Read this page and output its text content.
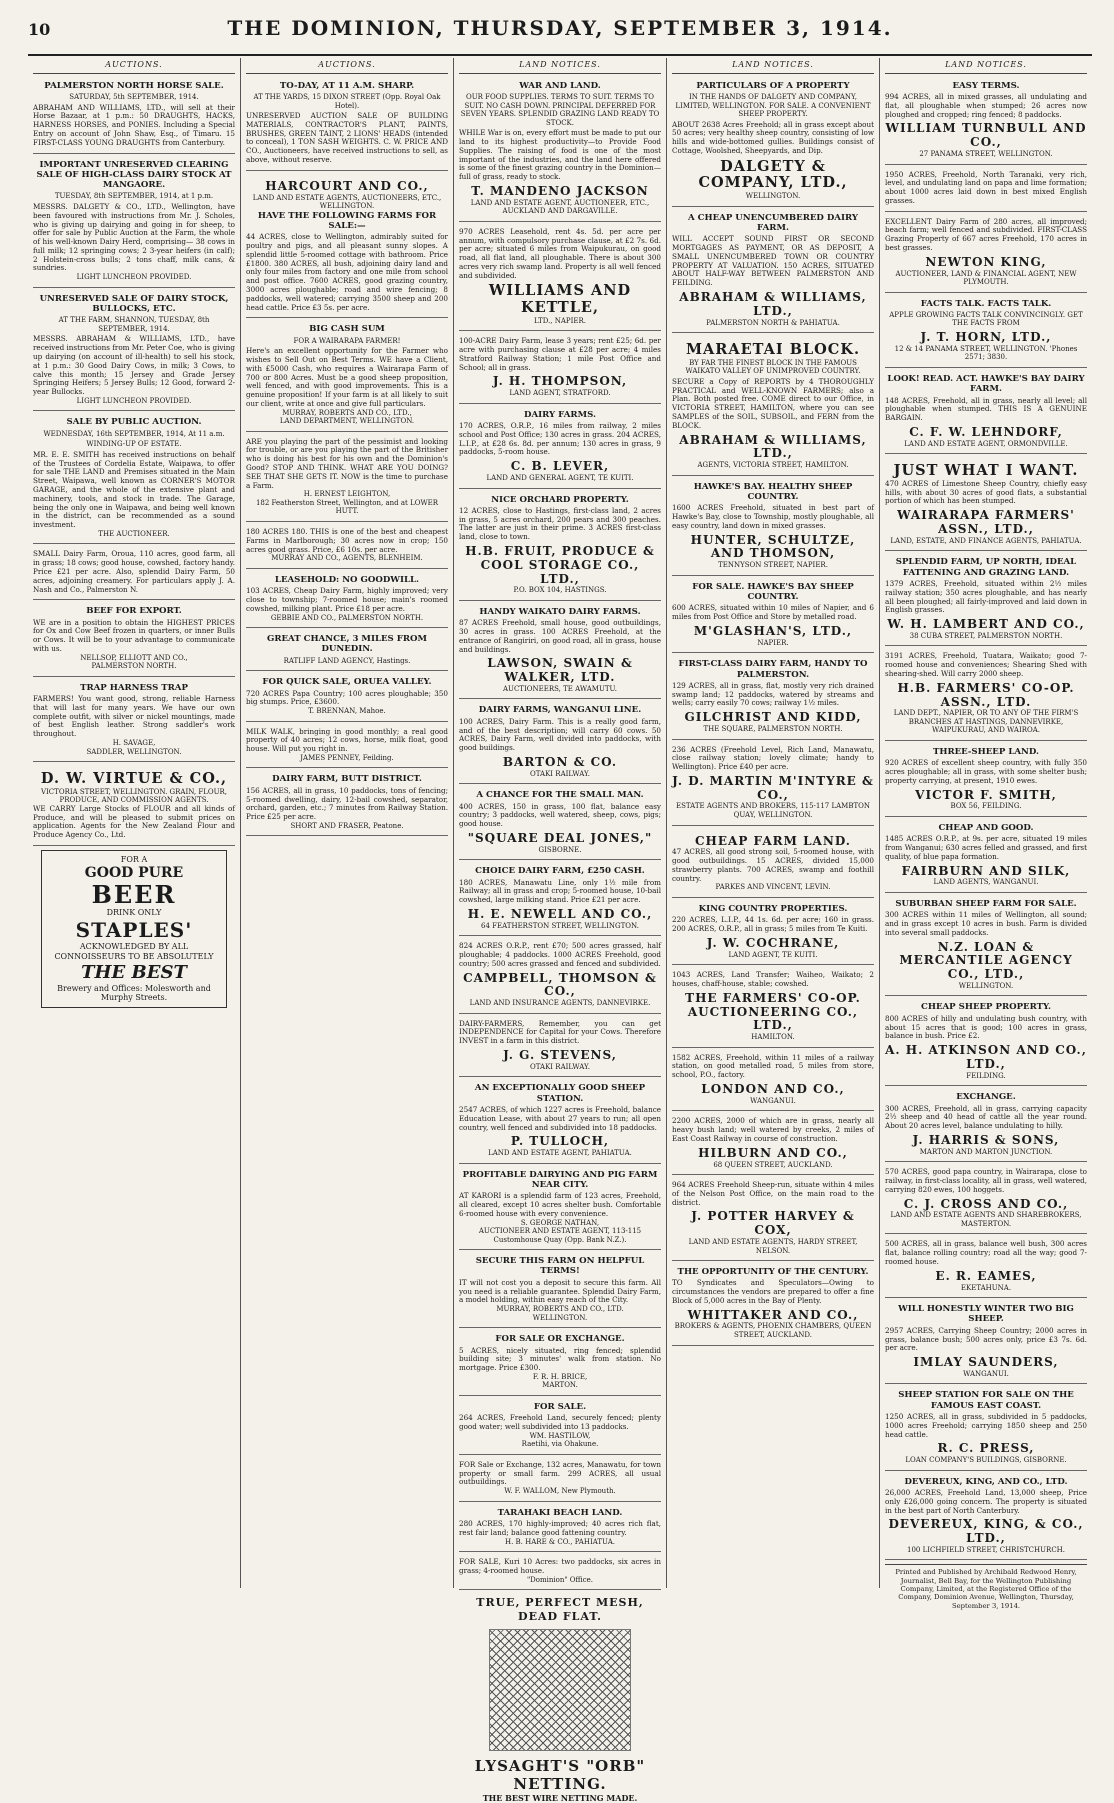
10	THE DOMINION, THURSDAY, SEPTEMBER 3, 1914.
AUCTIONS.
PALMERSTON NORTH HORSE SALE.
SATURDAY, 5th SEPTEMBER, 1914.
ABRAHAM AND WILLIAMS, LTD., will sell at their Horse Bazaar, at 1 p.m.: 50 DRAUGHTS, HACKS, HARNESS HORSES, and PONIES. Including a Special Entry on account of John Shaw, Esq., of Timaru. 15 FIRST-CLASS YOUNG DRAUGHTS from Canterbury.
IMPORTANT UNRESERVED CLEARING SALE OF HIGH-CLASS DAIRY STOCK AT MANGAORE.
TUESDAY, 8th SEPTEMBER, 1914, at 1 p.m.
MESSRS. DALGETY & CO., LTD., Wellington, have been favoured with instructions from Mr. J. Scholes, who is giving up dairying and going in for sheep, to offer for sale by Public Auction at the Farm, the whole of his well-known Dairy Herd, comprising— 38 cows in full milk; 12 springing cows; 2 3-year heifers (in calf); 2 Holstein-cross bulls; 2 tons chaff, milk cans, & sundries.
LIGHT LUNCHEON PROVIDED.
UNRESERVED SALE OF DAIRY STOCK, BULLOCKS, ETC.
AT THE FARM, SHANNON, TUESDAY, 8th SEPTEMBER, 1914.
MESSRS. ABRAHAM & WILLIAMS, LTD., have received instructions from Mr. Peter Coe, who is giving up dairying (on account of ill-health) to sell his stock, at 1 p.m.: 30 Good Dairy Cows, in milk; 3 Cows, to calve this month; 15 Jersey and Grade Jersey Springing Heifers; 5 Jersey Bulls; 12 Good, forward 2-year Bullocks.
LIGHT LUNCHEON PROVIDED.
SALE BY PUBLIC AUCTION.
WEDNESDAY, 16th SEPTEMBER, 1914, At 11 a.m.
WINDING-UP OF ESTATE.
MR. E. E. SMITH has received instructions on behalf of the Trustees of Cordelia Estate, Waipawa, to offer for sale THE LAND and Premises situated in the Main Street, Waipawa, well known as CORNER'S MOTOR GARAGE, and the whole of the extensive plant and machinery, tools, and stock in trade. The Garage, being the only one in Waipawa, and being well known in the district, can be recommended as a sound investment.
THE AUCTIONEER.
SMALL Dairy Farm, Oroua, 110 acres, good farm, all in grass; 18 cows; good house, cowshed, factory handy. Price £21 per acre. Also, splendid Dairy Farm, 50 acres, adjoining creamery. For particulars apply J. A. Nash and Co., Palmerston N.
BEEF FOR EXPORT.
WE are in a position to obtain the HIGHEST PRICES for Ox and Cow Beef frozen in quarters, or inner Bulls or Cows. It will be to your advantage to communicate with us.
NELLSOP, ELLIOTT AND CO.,
PALMERSTON NORTH.
TRAP HARNESS TRAP
FARMERS! You want good, strong, reliable Harness that will last for many years. We have our own complete outfit, with silver or nickel mountings, made of best English leather. Strong saddler's work throughout.
H. SAVAGE,
SADDLER, WELLINGTON.
D. W. VIRTUE & CO.,
VICTORIA STREET, WELLINGTON. GRAIN, FLOUR, PRODUCE, AND COMMISSION AGENTS.
WE CARRY Large Stocks of FLOUR and all kinds of Produce, and will be pleased to submit prices on application. Agents for the New Zealand Flour and Produce Agency Co., Ltd.
FOR A
GOOD PURE
BEER
DRINK ONLY
STAPLES'
ACKNOWLEDGED BY ALL CONNOISSEURS TO BE ABSOLUTELY
THE BEST
Brewery and Offices: Molesworth and Murphy Streets.
AUCTIONS.
TO-DAY, AT 11 A.M. SHARP.
AT THE YARDS, 15 DIXON STREET (Opp. Royal Oak Hotel).
UNRESERVED AUCTION SALE OF BUILDING MATERIALS, CONTRACTOR'S PLANT, PAINTS, BRUSHES, GREEN TAINT, 2 LIONS' HEADS (intended to conceal), 1 TON SASH WEIGHTS. C. W. PRICE AND CO., Auctioneers, have received instructions to sell, as above, without reserve.
HARCOURT AND CO.,
LAND AND ESTATE AGENTS, AUCTIONEERS, ETC., WELLINGTON.
HAVE THE FOLLOWING FARMS FOR SALE:—
44 ACRES, close to Wellington, admirably suited for poultry and pigs, and all pleasant sunny slopes. A splendid little 5-roomed cottage with bathroom. Price £1800. 380 ACRES, all bush, adjoining dairy land and only four miles from factory and one mile from school and post office. 7600 ACRES, good grazing country, 3000 acres ploughable; road and wire fencing; 8 paddocks, well watered; carrying 3500 sheep and 200 head cattle. Price £3 5s. per acre.
BIG CASH SUM
FOR A WAIRARAPA FARMER!
Here's an excellent opportunity for the Farmer who wishes to Sell Out on Best Terms. WE have a Client, with £5000 Cash, who requires a Wairarapa Farm of 700 or 800 Acres. Must be a good sheep proposition, well fenced, and with good improvements. This is a genuine proposition! If your farm is at all likely to suit our client, write at once and give full particulars.
MURRAY, ROBERTS AND CO., LTD.,
LAND DEPARTMENT, WELLINGTON.
ARE you playing the part of the pessimist and looking for trouble, or are you playing the part of the Britisher who is doing his best for his own and the Dominion's Good? STOP AND THINK. WHAT ARE YOU DOING? SEE THAT SHE GETS IT. NOW is the time to purchase a Farm.
H. ERNEST LEIGHTON,
182 Featherston Street, Wellington, and at LOWER HUTT.
180 ACRES 180. THIS is one of the best and cheapest Farms in Marlborough; 30 acres now in crop; 150 acres good grass. Price, £6 10s. per acre.
MURRAY AND CO., AGENTS, BLENHEIM.
LEASEHOLD: NO GOODWILL.
103 ACRES, Cheap Dairy Farm, highly improved; very close to township; 7-roomed house; main's roomed cowshed, milking plant. Price £18 per acre.
GEBBIE AND CO., PALMERSTON NORTH.
GREAT CHANCE, 3 MILES FROM DUNEDIN.
RATLIFF LAND AGENCY, Hastings.
FOR QUICK SALE, ORUEA VALLEY.
720 ACRES Papa Country; 100 acres ploughable; 350 big stumps. Price, £3600.
T. BRENNAN, Mahoe.
MILK WALK, bringing in good monthly; a real good property of 40 acres; 12 cows, horse, milk float, good house. Will put you right in.
JAMES PENNEY, Feilding.
DAIRY FARM, BUTT DISTRICT.
156 ACRES, all in grass, 10 paddocks, tons of fencing; 5-roomed dwelling, dairy, 12-bail cowshed, separator, orchard, garden, etc.; 7 minutes from Railway Station. Price £25 per acre.
SHORT AND FRASER, Peatone.
LAND NOTICES.
WAR AND LAND.
OUR FOOD SUPPLIES. TERMS TO SUIT. TERMS TO SUIT. NO CASH DOWN. PRINCIPAL DEFERRED FOR SEVEN YEARS. SPLENDID GRAZING LAND READY TO STOCK.
WHILE War is on, every effort must be made to put our land to its highest productivity—to Provide Food Supplies. The raising of food is one of the most important of the industries, and the land here offered is some of the finest grazing country in the Dominion—full of grass, ready to stock.
T. MANDENO JACKSON
LAND AND ESTATE AGENT, AUCTIONEER, ETC., AUCKLAND AND DARGAVILLE.
970 ACRES Leasehold, rent 4s. 5d. per acre per annum, with compulsory purchase clause, at £2 7s. 6d. per acre; situated 6 miles from Waipukurau, on good road, all flat land, all ploughable. There is about 300 acres very rich swamp land. Property is all well fenced and subdivided.
WILLIAMS AND KETTLE,
LTD., NAPIER.
100-ACRE Dairy Farm, lease 3 years; rent £25; 6d. per acre with purchasing clause at £28 per acre; 4 miles Stratford Railway Station; 1 mile Post Office and School; all in grass.
J. H. THOMPSON,
LAND AGENT, STRATFORD.
DAIRY FARMS.
170 ACRES, O.R.P., 16 miles from railway, 2 miles school and Post Office; 130 acres in grass. 204 ACRES, L.I.P., at £28 6s. 8d. per annum; 130 acres in grass, 9 paddocks, 5-room house.
C. B. LEVER,
LAND AND GENERAL AGENT, TE KUITI.
NICE ORCHARD PROPERTY.
12 ACRES, close to Hastings, first-class land, 2 acres in grass, 5 acres orchard, 200 pears and 300 peaches. The latter are just in their prime. 3 ACRES first-class land, close to town.
H.B. FRUIT, PRODUCE & COOL STORAGE CO., LTD.,
P.O. BOX 104, HASTINGS.
HANDY WAIKATO DAIRY FARMS.
87 ACRES Freehold, small house, good outbuildings, 30 acres in grass. 100 ACRES Freehold, at the entrance of Rangiriri, on good road, all in grass, house and buildings.
LAWSON, SWAIN & WALKER, LTD.
AUCTIONEERS, TE AWAMUTU.
DAIRY FARMS, WANGANUI LINE.
100 ACRES, Dairy Farm. This is a really good farm, and of the best description; will carry 60 cows. 50 ACRES, Dairy Farm, well divided into paddocks, with good buildings.
BARTON & CO.
OTAKI RAILWAY.
A CHANCE FOR THE SMALL MAN.
400 ACRES, 150 in grass, 100 flat, balance easy country; 3 paddocks, well watered, sheep, cows, pigs; good house.
"SQUARE DEAL JONES,"
GISBORNE.
CHOICE DAIRY FARM, £250 CASH.
180 ACRES, Manawatu Line, only 1½ mile from Railway; all in grass and crop; 5-roomed house, 10-bail cowshed, large milking stand. Price £21 per acre.
H. E. NEWELL AND CO.,
64 FEATHERSTON STREET, WELLINGTON.
824 ACRES O.R.P., rent £70; 500 acres grassed, half ploughable; 4 paddocks. 1000 ACRES Freehold, good country; 500 acres grassed and fenced and subdivided.
CAMPBELL, THOMSON & CO.,
LAND AND INSURANCE AGENTS, DANNEVIRKE.
DAIRY-FARMERS, Remember, you can get INDEPENDENCE for Capital for your Cows. Therefore INVEST in a farm in this district.
J. G. STEVENS,
OTAKI RAILWAY.
AN EXCEPTIONALLY GOOD SHEEP STATION.
2547 ACRES, of which 1227 acres is Freehold, balance Education Lease, with about 27 years to run; all open country, well fenced and subdivided into 18 paddocks.
P. TULLOCH,
LAND AND ESTATE AGENT, PAHIATUA.
PROFITABLE DAIRYING AND PIG FARM NEAR CITY.
AT KARORI is a splendid farm of 123 acres, Freehold, all cleared, except 10 acres shelter bush. Comfortable 6-roomed house with every convenience.
S. GEORGE NATHAN,
AUCTIONEER AND ESTATE AGENT, 113-115 Customhouse Quay (Opp. Bank N.Z.).
SECURE THIS FARM ON HELPFUL TERMS!
IT will not cost you a deposit to secure this farm. All you need is a reliable guarantee. Splendid Dairy Farm, a model holding, within easy reach of the City.
MURRAY, ROBERTS AND CO., LTD.
WELLINGTON.
FOR SALE OR EXCHANGE.
5 ACRES, nicely situated, ring fenced; splendid building site; 3 minutes' walk from station. No mortgage. Price £300.
F. R. H. BRICE,
MARTON.
FOR SALE.
264 ACRES, Freehold Land, securely fenced; plenty good water; well subdivided into 13 paddocks.
WM. HASTILOW,
Raetihi, via Ohakune.
FOR Sale or Exchange, 132 acres, Manawatu, for town property or small farm. 299 ACRES, all usual outbuildings.
W. F. WALLOM, New Plymouth.
TARAHAKI BEACH LAND.
280 ACRES, 170 highly-improved; 40 acres rich flat, rest fair land; balance good fattening country.
H. B. HARE & CO., PAHIATUA.
FOR SALE, Kuri 10 Acres: two paddocks, six acres in grass; 4-roomed house.
"Dominion" Office.
TRUE, PERFECT MESH, DEAD FLAT.
LYSAGHT'S "ORB" NETTING.
THE BEST WIRE NETTING MADE.
LAND NOTICES.
PARTICULARS OF A PROPERTY
IN THE HANDS OF DALGETY AND COMPANY, LIMITED, WELLINGTON. FOR SALE. A CONVENIENT SHEEP PROPERTY.
ABOUT 2638 Acres Freehold; all in grass except about 50 acres; very healthy sheep country, consisting of low hills and wide-bottomed gullies. Buildings consist of Cottage, Woolshed, Sheepyards, and Dip.
DALGETY & COMPANY, LTD.,
WELLINGTON.
A CHEAP UNENCUMBERED DAIRY FARM.
WILL ACCEPT SOUND FIRST OR SECOND MORTGAGES AS PAYMENT, OR AS DEPOSIT, A SMALL UNENCUMBERED TOWN OR COUNTRY PROPERTY AT VALUATION. 150 ACRES, SITUATED ABOUT HALF-WAY BETWEEN PALMERSTON AND FEILDING.
ABRAHAM & WILLIAMS, LTD.,
PALMERSTON NORTH & PAHIATUA.
MARAETAI BLOCK.
BY FAR THE FINEST BLOCK IN THE FAMOUS WAIKATO VALLEY OF UNIMPROVED COUNTRY.
SECURE a Copy of REPORTS by 4 THOROUGHLY PRACTICAL and WELL-KNOWN FARMERS; also a Plan. Both posted free. COME direct to our Office, in VICTORIA STREET, HAMILTON, where you can see SAMPLES of the SOIL, SUBSOIL, and FERN from the BLOCK.
ABRAHAM & WILLIAMS, LTD.,
AGENTS, VICTORIA STREET, HAMILTON.
HAWKE'S BAY. HEALTHY SHEEP COUNTRY.
1600 ACRES Freehold, situated in best part of Hawke's Bay, close to Township, mostly ploughable, all easy country, land down in mixed grasses.
HUNTER, SCHULTZE, AND THOMSON,
TENNYSON STREET, NAPIER.
FOR SALE. HAWKE'S BAY SHEEP COUNTRY.
600 ACRES, situated within 10 miles of Napier, and 6 miles from Post Office and Store by metalled road.
M'GLASHAN'S, LTD.,
NAPIER.
FIRST-CLASS DAIRY FARM, HANDY TO PALMERSTON.
129 ACRES, all in grass, flat, mostly very rich drained swamp land; 12 paddocks, watered by streams and wells; carry easily 70 cows; railway 1½ miles.
GILCHRIST AND KIDD,
THE SQUARE, PALMERSTON NORTH.
236 ACRES (Freehold Level, Rich Land, Manawatu, close railway station; lovely climate; handy to Wellington). Price £40 per acre.
J. D. MARTIN M'INTYRE & CO.,
ESTATE AGENTS AND BROKERS, 115-117 LAMBTON QUAY, WELLINGTON.
CHEAP FARM LAND.
47 ACRES, all good strong soil, 5-roomed house, with good outbuildings. 15 ACRES, divided 15,000 strawberry plants. 700 ACRES, swamp and foothill country.
PARKES AND VINCENT, LEVIN.
KING COUNTRY PROPERTIES.
220 ACRES, L.I.P., 44 1s. 6d. per acre; 160 in grass. 200 ACRES, O.R.P., all in grass; 5 miles from Te Kuiti.
J. W. COCHRANE,
LAND AGENT, TE KUITI.
1043 ACRES, Land Transfer; Waiheo, Waikato; 2 houses, chaff-house, stable; cowshed.
THE FARMERS' CO-OP. AUCTIONEERING CO., LTD.,
HAMILTON.
1582 ACRES, Freehold, within 11 miles of a railway station, on good metalled road, 5 miles from store, school, P.O., factory.
LONDON AND CO.,
WANGANUI.
2200 ACRES, 2000 of which are in grass, nearly all heavy bush land; well watered by creeks, 2 miles of East Coast Railway in course of construction.
HILBURN AND CO.,
68 QUEEN STREET, AUCKLAND.
964 ACRES Freehold Sheep-run, situate within 4 miles of the Nelson Post Office, on the main road to the district.
J. POTTER HARVEY & COX,
LAND AND ESTATE AGENTS, HARDY STREET, NELSON.
THE OPPORTUNITY OF THE CENTURY.
TO Syndicates and Speculators—Owing to circumstances the vendors are prepared to offer a fine Block of 5,000 acres in the Bay of Plenty.
WHITTAKER AND CO.,
BROKERS & AGENTS, PHOENIX CHAMBERS, QUEEN STREET, AUCKLAND.
LAND NOTICES.
EASY TERMS.
994 ACRES, all in mixed grasses, all undulating and flat, all ploughable when stumped; 26 acres now ploughed and cropped; ring fenced; 8 paddocks.
WILLIAM TURNBULL AND CO.,
27 PANAMA STREET, WELLINGTON.
1950 ACRES, Freehold, North Taranaki, very rich, level, and undulating land on papa and lime formation; about 1000 acres laid down in best mixed English grasses.
EXCELLENT Dairy Farm of 280 acres, all improved; beach farm; well fenced and subdivided. FIRST-CLASS Grazing Property of 667 acres Freehold, 170 acres in best grasses.
NEWTON KING,
AUCTIONEER, LAND & FINANCIAL AGENT, NEW PLYMOUTH.
FACTS TALK. FACTS TALK.
APPLE GROWING FACTS TALK CONVINCINGLY. GET THE FACTS FROM
J. T. HORN, LTD.,
12 & 14 PANAMA STREET, WELLINGTON. 'Phones 2571; 3830.
LOOK! READ. ACT. HAWKE'S BAY DAIRY FARM.
148 ACRES, Freehold, all in grass, nearly all level; all ploughable when stumped. THIS IS A GENUINE BARGAIN.
C. F. W. LEHNDORF,
LAND AND ESTATE AGENT, ORMONDVILLE.
JUST WHAT I WANT.
470 ACRES of Limestone Sheep Country, chiefly easy hills, with about 30 acres of good flats, a substantial portion of which has been stumped.
WAIRARAPA FARMERS' ASSN., LTD.,
LAND, ESTATE, AND FINANCE AGENTS, PAHIATUA.
SPLENDID FARM, UP NORTH, IDEAL FATTENING AND GRAZING LAND.
1379 ACRES, Freehold, situated within 2½ miles railway station; 350 acres ploughable, and has nearly all been ploughed; all fairly-improved and laid down in English grasses.
W. H. LAMBERT AND CO.,
38 CUBA STREET, PALMERSTON NORTH.
3191 ACRES, Freehold, Tuatara, Waikato; good 7-roomed house and conveniences; Shearing Shed with shearing-shed. Will carry 2000 sheep.
H.B. FARMERS' CO-OP. ASSN., LTD.
LAND DEPT., NAPIER, OR TO ANY OF THE FIRM'S BRANCHES AT HASTINGS, DANNEVIRKE, WAIPUKURAU, AND WAIROA.
THREE-SHEEP LAND.
920 ACRES of excellent sheep country, with fully 350 acres ploughable; all in grass, with some shelter bush; property carrying, at present, 1910 ewes.
VICTOR F. SMITH,
BOX 56, FEILDING.
CHEAP AND GOOD.
1485 ACRES O.R.P., at 9s. per acre, situated 19 miles from Wanganui; 630 acres felled and grassed, and first quality, of blue papa formation.
FAIRBURN AND SILK,
LAND AGENTS, WANGANUI.
SUBURBAN SHEEP FARM FOR SALE.
300 ACRES within 11 miles of Wellington, all sound; and in grass except 10 acres in bush. Farm is divided into several small paddocks.
N.Z. LOAN & MERCANTILE AGENCY CO., LTD.,
WELLINGTON.
CHEAP SHEEP PROPERTY.
800 ACRES of hilly and undulating bush country, with about 15 acres that is good; 100 acres in grass, balance in bush. Price £2.
A. H. ATKINSON AND CO., LTD.,
FEILDING.
EXCHANGE.
300 ACRES, Freehold, all in grass, carrying capacity 2½ sheep and 40 head of cattle all the year round. About 20 acres level, balance undulating to hilly.
J. HARRIS & SONS,
MARTON AND MARTON JUNCTION.
570 ACRES, good papa country, in Wairarapa, close to railway, in first-class locality, all in grass, well watered, carrying 820 ewes, 100 hoggets.
C. J. CROSS AND CO.,
LAND AND ESTATE AGENTS AND SHAREBROKERS, MASTERTON.
500 ACRES, all in grass, balance well bush, 300 acres flat, balance rolling country; road all the way; good 7-roomed house.
E. R. EAMES,
EKETAHUNA.
WILL HONESTLY WINTER TWO BIG SHEEP.
2957 ACRES, Carrying Sheep Country; 2000 acres in grass, balance bush; 500 acres only, price £3 7s. 6d. per acre.
IMLAY SAUNDERS,
WANGANUI.
SHEEP STATION FOR SALE ON THE FAMOUS EAST COAST.
1250 ACRES, all in grass, subdivided in 5 paddocks, 1000 acres Freehold; carrying 1850 sheep and 250 head cattle.
R. C. PRESS,
LOAN COMPANY'S BUILDINGS, GISBORNE.
DEVEREUX, KING, AND CO., LTD.
26,000 ACRES, Freehold Land, 13,000 sheep, Price only £26,000 going concern. The property is situated in the best part of North Canterbury.
DEVEREUX, KING, & CO., LTD.,
100 LICHFIELD STREET, CHRISTCHURCH.
Printed and Published by Archibald Redwood Henry, Journalist, Bell Bay, for the Wellington Publishing Company, Limited, at the Registered Office of the Company, Dominion Avenue, Wellington, Thursday, September 3, 1914.
